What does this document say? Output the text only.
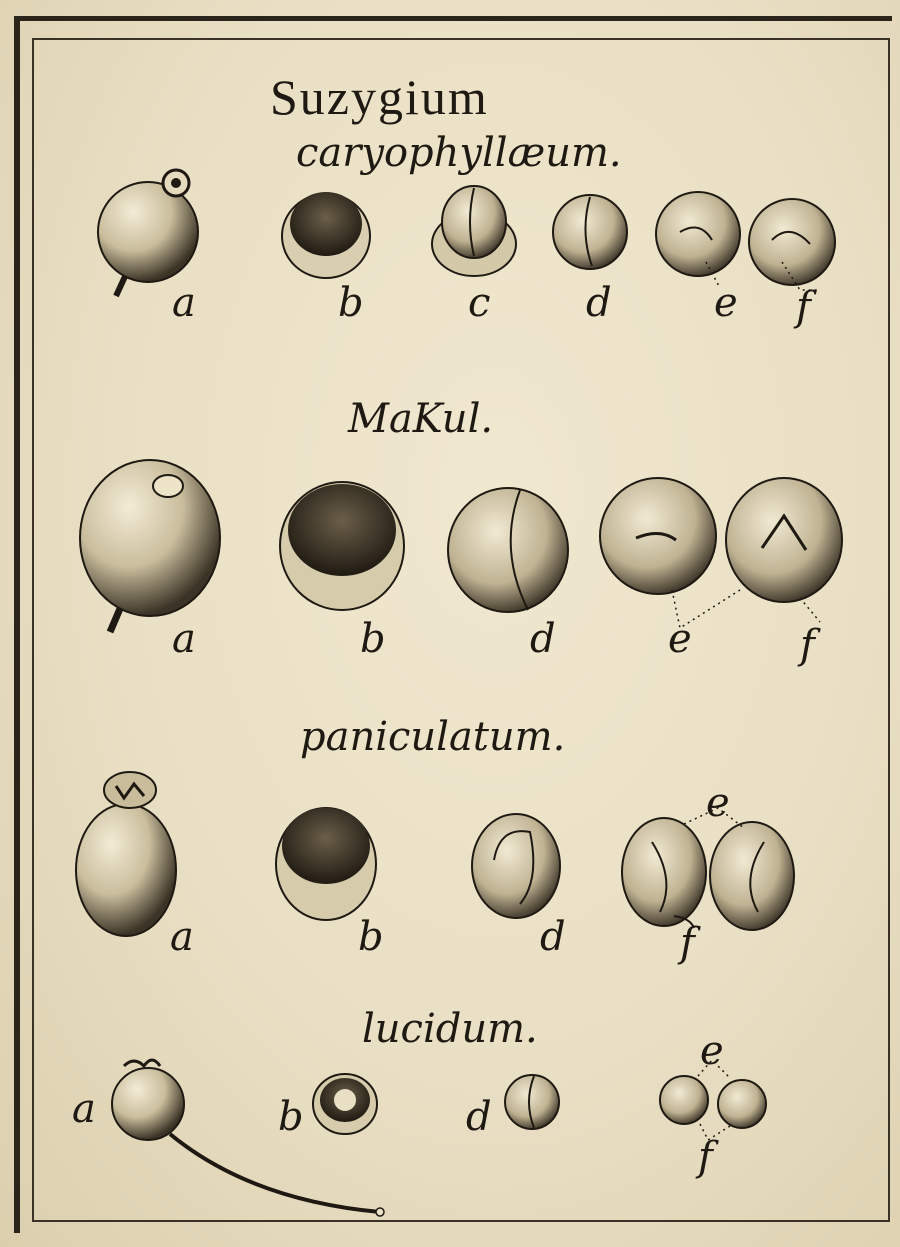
Suzygium
caryophyllæum.
MaKul.
paniculatum.
lucidum.
a	b	c d	e f
a	b	d	e	f
a	b	d
e
f
a	b	d
e
f
